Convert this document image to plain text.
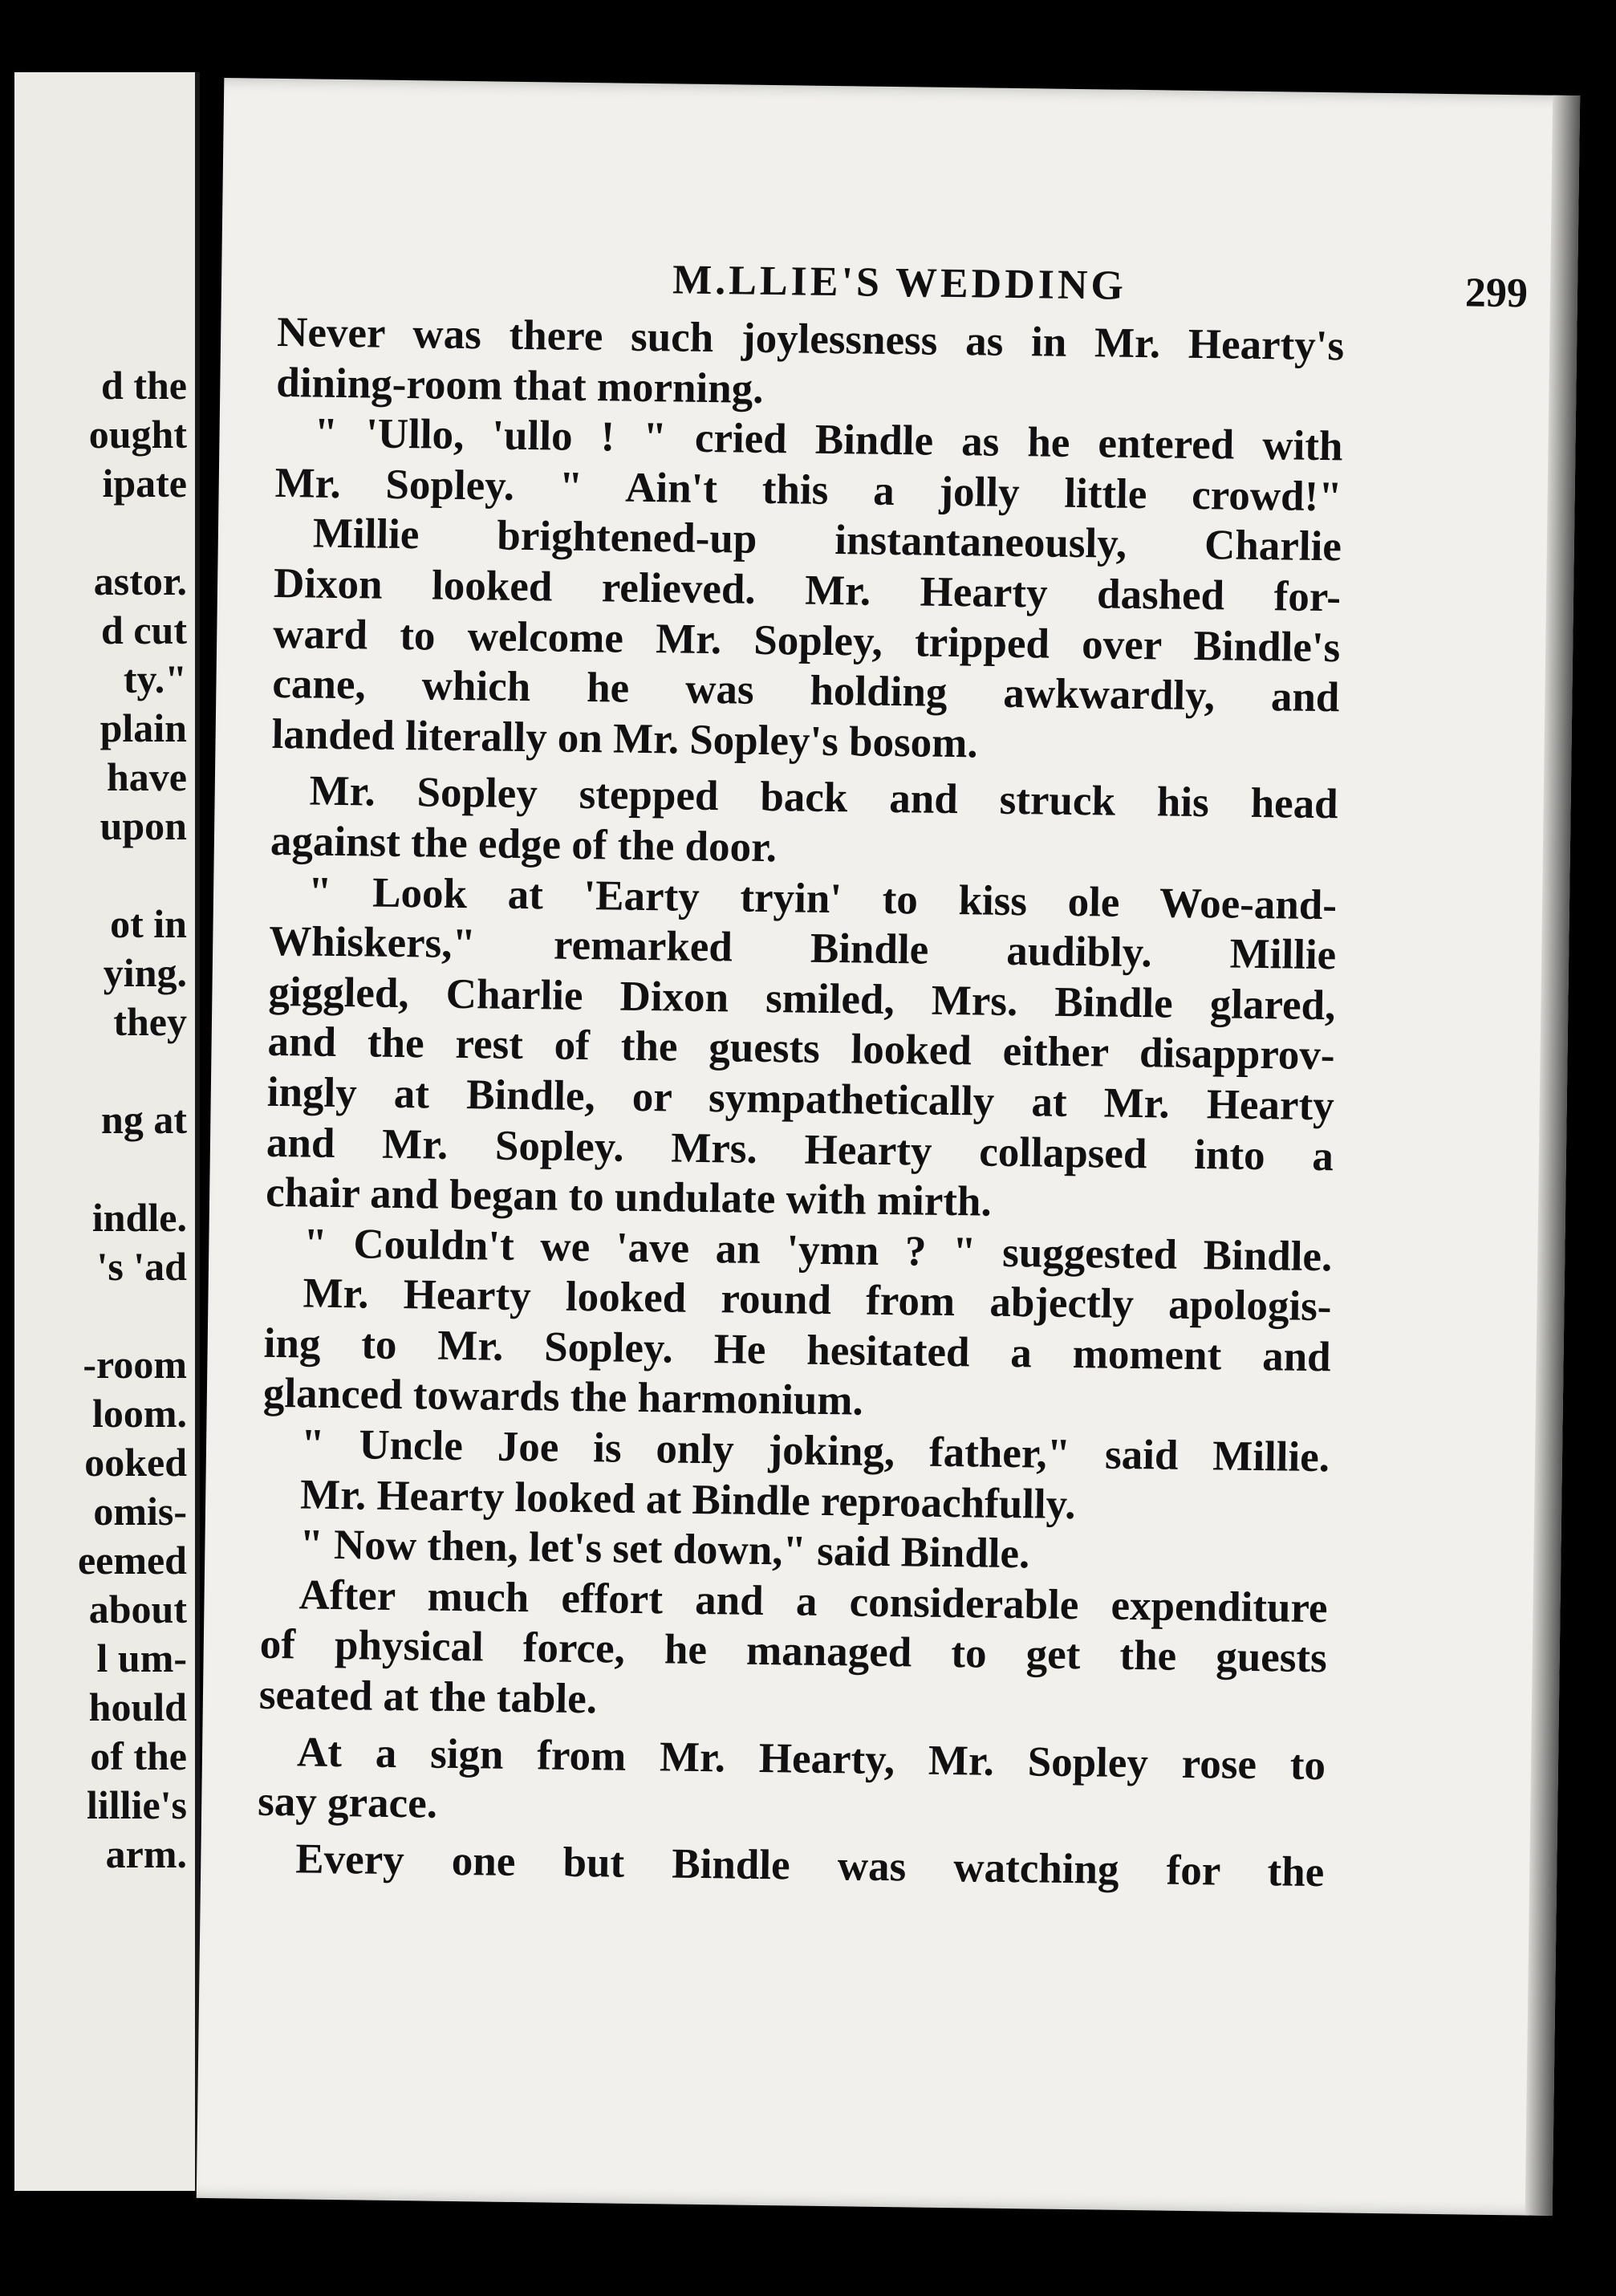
d the
ought
ipate
astor.
d cut
ty."
plain
have
upon
ot in
ying.
they
ng at
indle.
's 'ad
-room
loom.
ooked
omis-
eemed
about
l um-
hould
of the
lillie's
arm.
M.LLIE'S WEDDING	299
Never was there such joylessness as in Mr. Hearty's
dining-room that morning.
" 'Ullo, 'ullo ! " cried Bindle as he entered with
Mr. Sopley. " Ain't this a jolly little crowd!"
Millie brightened-up instantaneously, Charlie
Dixon looked relieved. Mr. Hearty dashed for-
ward to welcome Mr. Sopley, tripped over Bindle's
cane, which he was holding awkwardly, and
landed literally on Mr. Sopley's bosom.
Mr. Sopley stepped back and struck his head
against the edge of the door.
" Look at 'Earty tryin' to kiss ole Woe-and-
Whiskers," remarked Bindle audibly. Millie
giggled, Charlie Dixon smiled, Mrs. Bindle glared,
and the rest of the guests looked either disapprov-
ingly at Bindle, or sympathetically at Mr. Hearty
and Mr. Sopley. Mrs. Hearty collapsed into a
chair and began to undulate with mirth.
" Couldn't we 'ave an 'ymn ? " suggested Bindle.
Mr. Hearty looked round from abjectly apologis-
ing to Mr. Sopley. He hesitated a moment and
glanced towards the harmonium.
" Uncle Joe is only joking, father," said Millie.
Mr. Hearty looked at Bindle reproachfully.
" Now then, let's set down," said Bindle.
After much effort and a considerable expenditure
of physical force, he managed to get the guests
seated at the table.
At a sign from Mr. Hearty, Mr. Sopley rose to
say grace.
Every one but Bindle was watching for the
